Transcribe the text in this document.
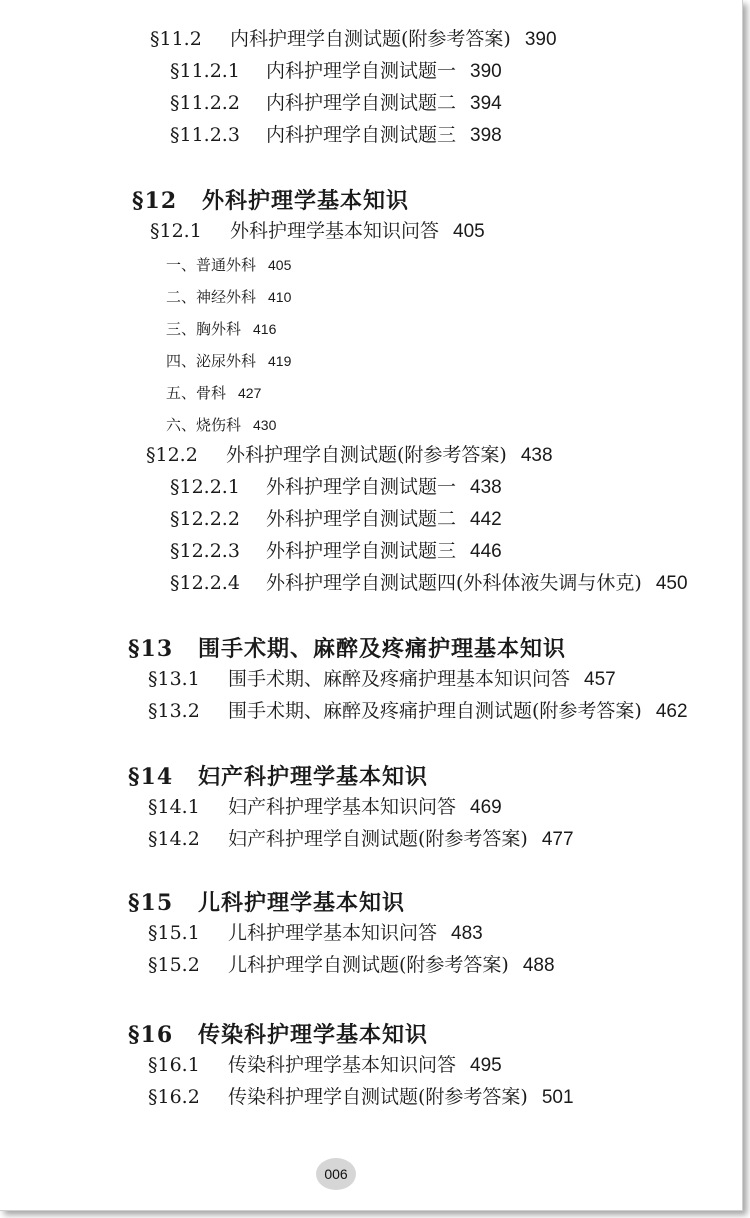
§11.2 内科护理学自测试题(附参考答案) 390
§11.2.1 内科护理学自测试题一 390
§11.2.2 内科护理学自测试题二 394
§11.2.3 内科护理学自测试题三 398
§12 外科护理学基本知识
§12.1 外科护理学基本知识问答 405
一、普通外科 405
二、神经外科 410
三、胸外科 416
四、泌尿外科 419
五、骨科 427
六、烧伤科 430
§12.2 外科护理学自测试题(附参考答案) 438
§12.2.1 外科护理学自测试题一 438
§12.2.2 外科护理学自测试题二 442
§12.2.3 外科护理学自测试题三 446
§12.2.4 外科护理学自测试题四(外科体液失调与休克) 450
§13 围手术期、麻醉及疼痛护理基本知识
§13.1 围手术期、麻醉及疼痛护理基本知识问答 457
§13.2 围手术期、麻醉及疼痛护理自测试题(附参考答案) 462
§14 妇产科护理学基本知识
§14.1 妇产科护理学基本知识问答 469
§14.2 妇产科护理学自测试题(附参考答案) 477
§15 儿科护理学基本知识
§15.1 儿科护理学基本知识问答 483
§15.2 儿科护理学自测试题(附参考答案) 488
§16 传染科护理学基本知识
§16.1 传染科护理学基本知识问答 495
§16.2 传染科护理学自测试题(附参考答案) 501
006
